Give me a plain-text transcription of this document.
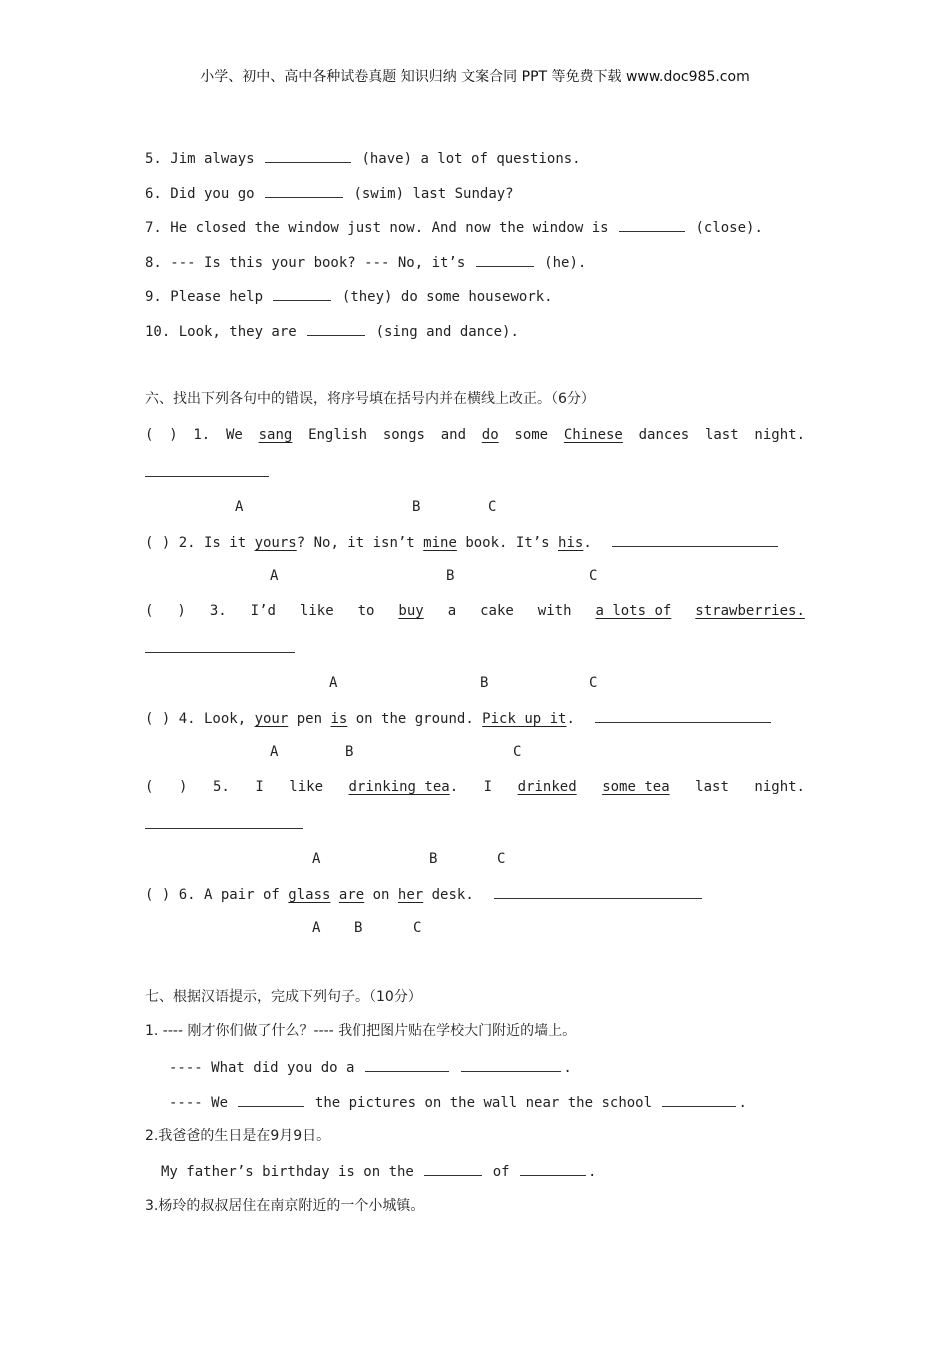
小学、初中、高中各种试卷真题 知识归纳 文案合同 PPT 等免费下载 www.doc985.com
5. Jim always	(have) a lot of questions.
6. Did you go	(swim) last Sunday?
7. He closed the window just now. And now the window is	(close).
8. --- Is this your book? --- No, it’s	(he).
9. Please help	(they) do some housework.
10. Look, they are	(sing and dance).
六、找出下列各句中的错误，将序号填在括号内并在横线上改正。（6分）
( ) 1. We sang English songs and do some Chinese dances last night.
A	B	C
( ) 2. Is it yours? No, it isn’t mine book. It’s his.
A	B	C
( ) 3. I’d like to buy a cake with a lots of strawberries.
A	B	C
( ) 4. Look, your pen is on the ground. Pick up it.
A	B	C
( ) 5. I like drinking tea. I drinked some tea last night.
A	B	C
( ) 6. A pair of glass are on her desk.
A B	C
七、根据汉语提示，完成下列句子。（10分）
1. ---- 刚才你们做了什么？---- 我们把图片贴在学校大门附近的墙上。
---- What did you do a	.
---- We	the pictures on the wall near the school	.
2.我爸爸的生日是在9月9日。
My father’s birthday is on the	of	.
3.杨玲的叔叔居住在南京附近的一个小城镇。
